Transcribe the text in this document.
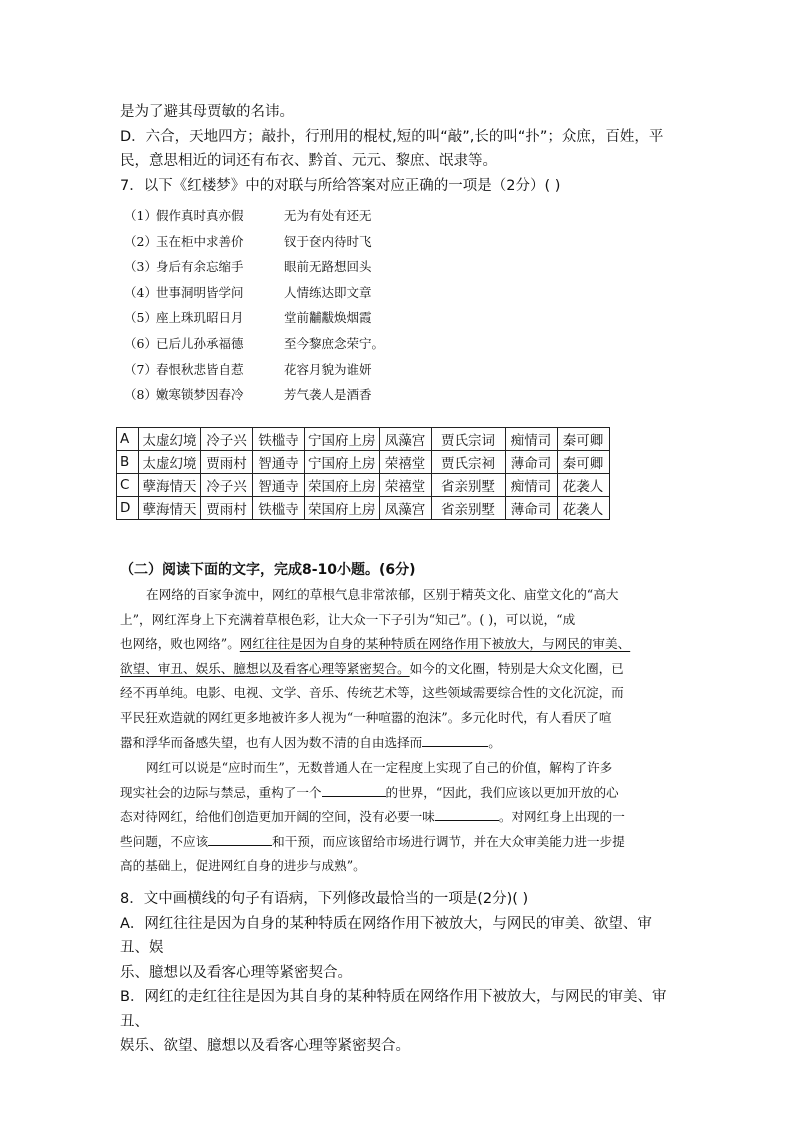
是为了避其母贾敏的名讳。
D．六合，天地四方；敲扑，行刑用的棍杖,短的叫“敲”,长的叫“扑”；众庶，百姓，平
民，意思相近的词还有布衣、黔首、元元、黎庶、氓隶等。
7．以下《红楼梦》中的对联与所给答案对应正确的一项是（2分）( )
（1）假作真时真亦假	无为有处有还无
（2）玉在柜中求善价	钗于奁内待时飞
（3）身后有余忘缩手	眼前无路想回头
（4）世事洞明皆学问	人情练达即文章
（5）座上珠玑昭日月	堂前黼黻焕烟霞
（6）已后儿孙承福德	至今黎庶念荣宁。
（7）春恨秋悲皆自惹	花容月貌为谁妍
（8）嫩寒锁梦因春冷	芳气袭人是酒香
A	太虚幻境	冷子兴	铁槛寺	宁国府上房	凤藻宫	贾氏宗词	痴情司	秦可卿
B	太虚幻境	贾雨村	智通寺	宁国府上房	荣禧堂	贾氏宗祠	薄命司	秦可卿
C	孽海情天	冷子兴	智通寺	荣国府上房	荣禧堂	省亲别墅	痴情司	花袭人
D	孽海情天	贾雨村	铁槛寺	荣国府上房	凤藻宫	省亲别墅	薄命司	花袭人
（二）阅读下面的文字，完成8-10小题。(6分)
在网络的百家争流中，网红的草根气息非常浓郁，区别于精英文化、庙堂文化的“高大
上”，网红浑身上下充满着草根色彩，让大众一下子引为“知己”。( )，可以说，“成
也网络，败也网络”。网红往往是因为自身的某种特质在网络作用下被放大，与网民的审美、
欲望、审丑、娱乐、臆想以及看客心理等紧密契合。如今的文化圈，特别是大众文化圈，已
经不再单纯。电影、电视、文学、音乐、传统艺术等，这些领域需要综合性的文化沉淀，而
平民狂欢造就的网红更多地被许多人视为“一种喧嚣的泡沫”。多元化时代，有人看厌了喧
嚣和浮华而备感失望，也有人因为数不清的自由选择而	。
网红可以说是“应时而生”，无数普通人在一定程度上实现了自己的价值，解构了许多
现实社会的边际与禁忌，重构了一个	的世界，“因此，我们应该以更加开放的心
态对待网红，给他们创造更加开阔的空间，没有必要一味	。对网红身上出现的一
些问题，不应该	和干预，而应该留给市场进行调节，并在大众审美能力进一步提
高的基础上，促进网红自身的进步与成熟”。
8．文中画横线的句子有语病，下列修改最恰当的一项是(2分)( )
A．网红往往是因为自身的某种特质在网络作用下被放大，与网民的审美、欲望、审丑、娱
乐、臆想以及看客心理等紧密契合。
B．网红的走红往往是因为其自身的某种特质在网络作用下被放大，与网民的审美、审丑、
娱乐、欲望、臆想以及看客心理等紧密契合。
